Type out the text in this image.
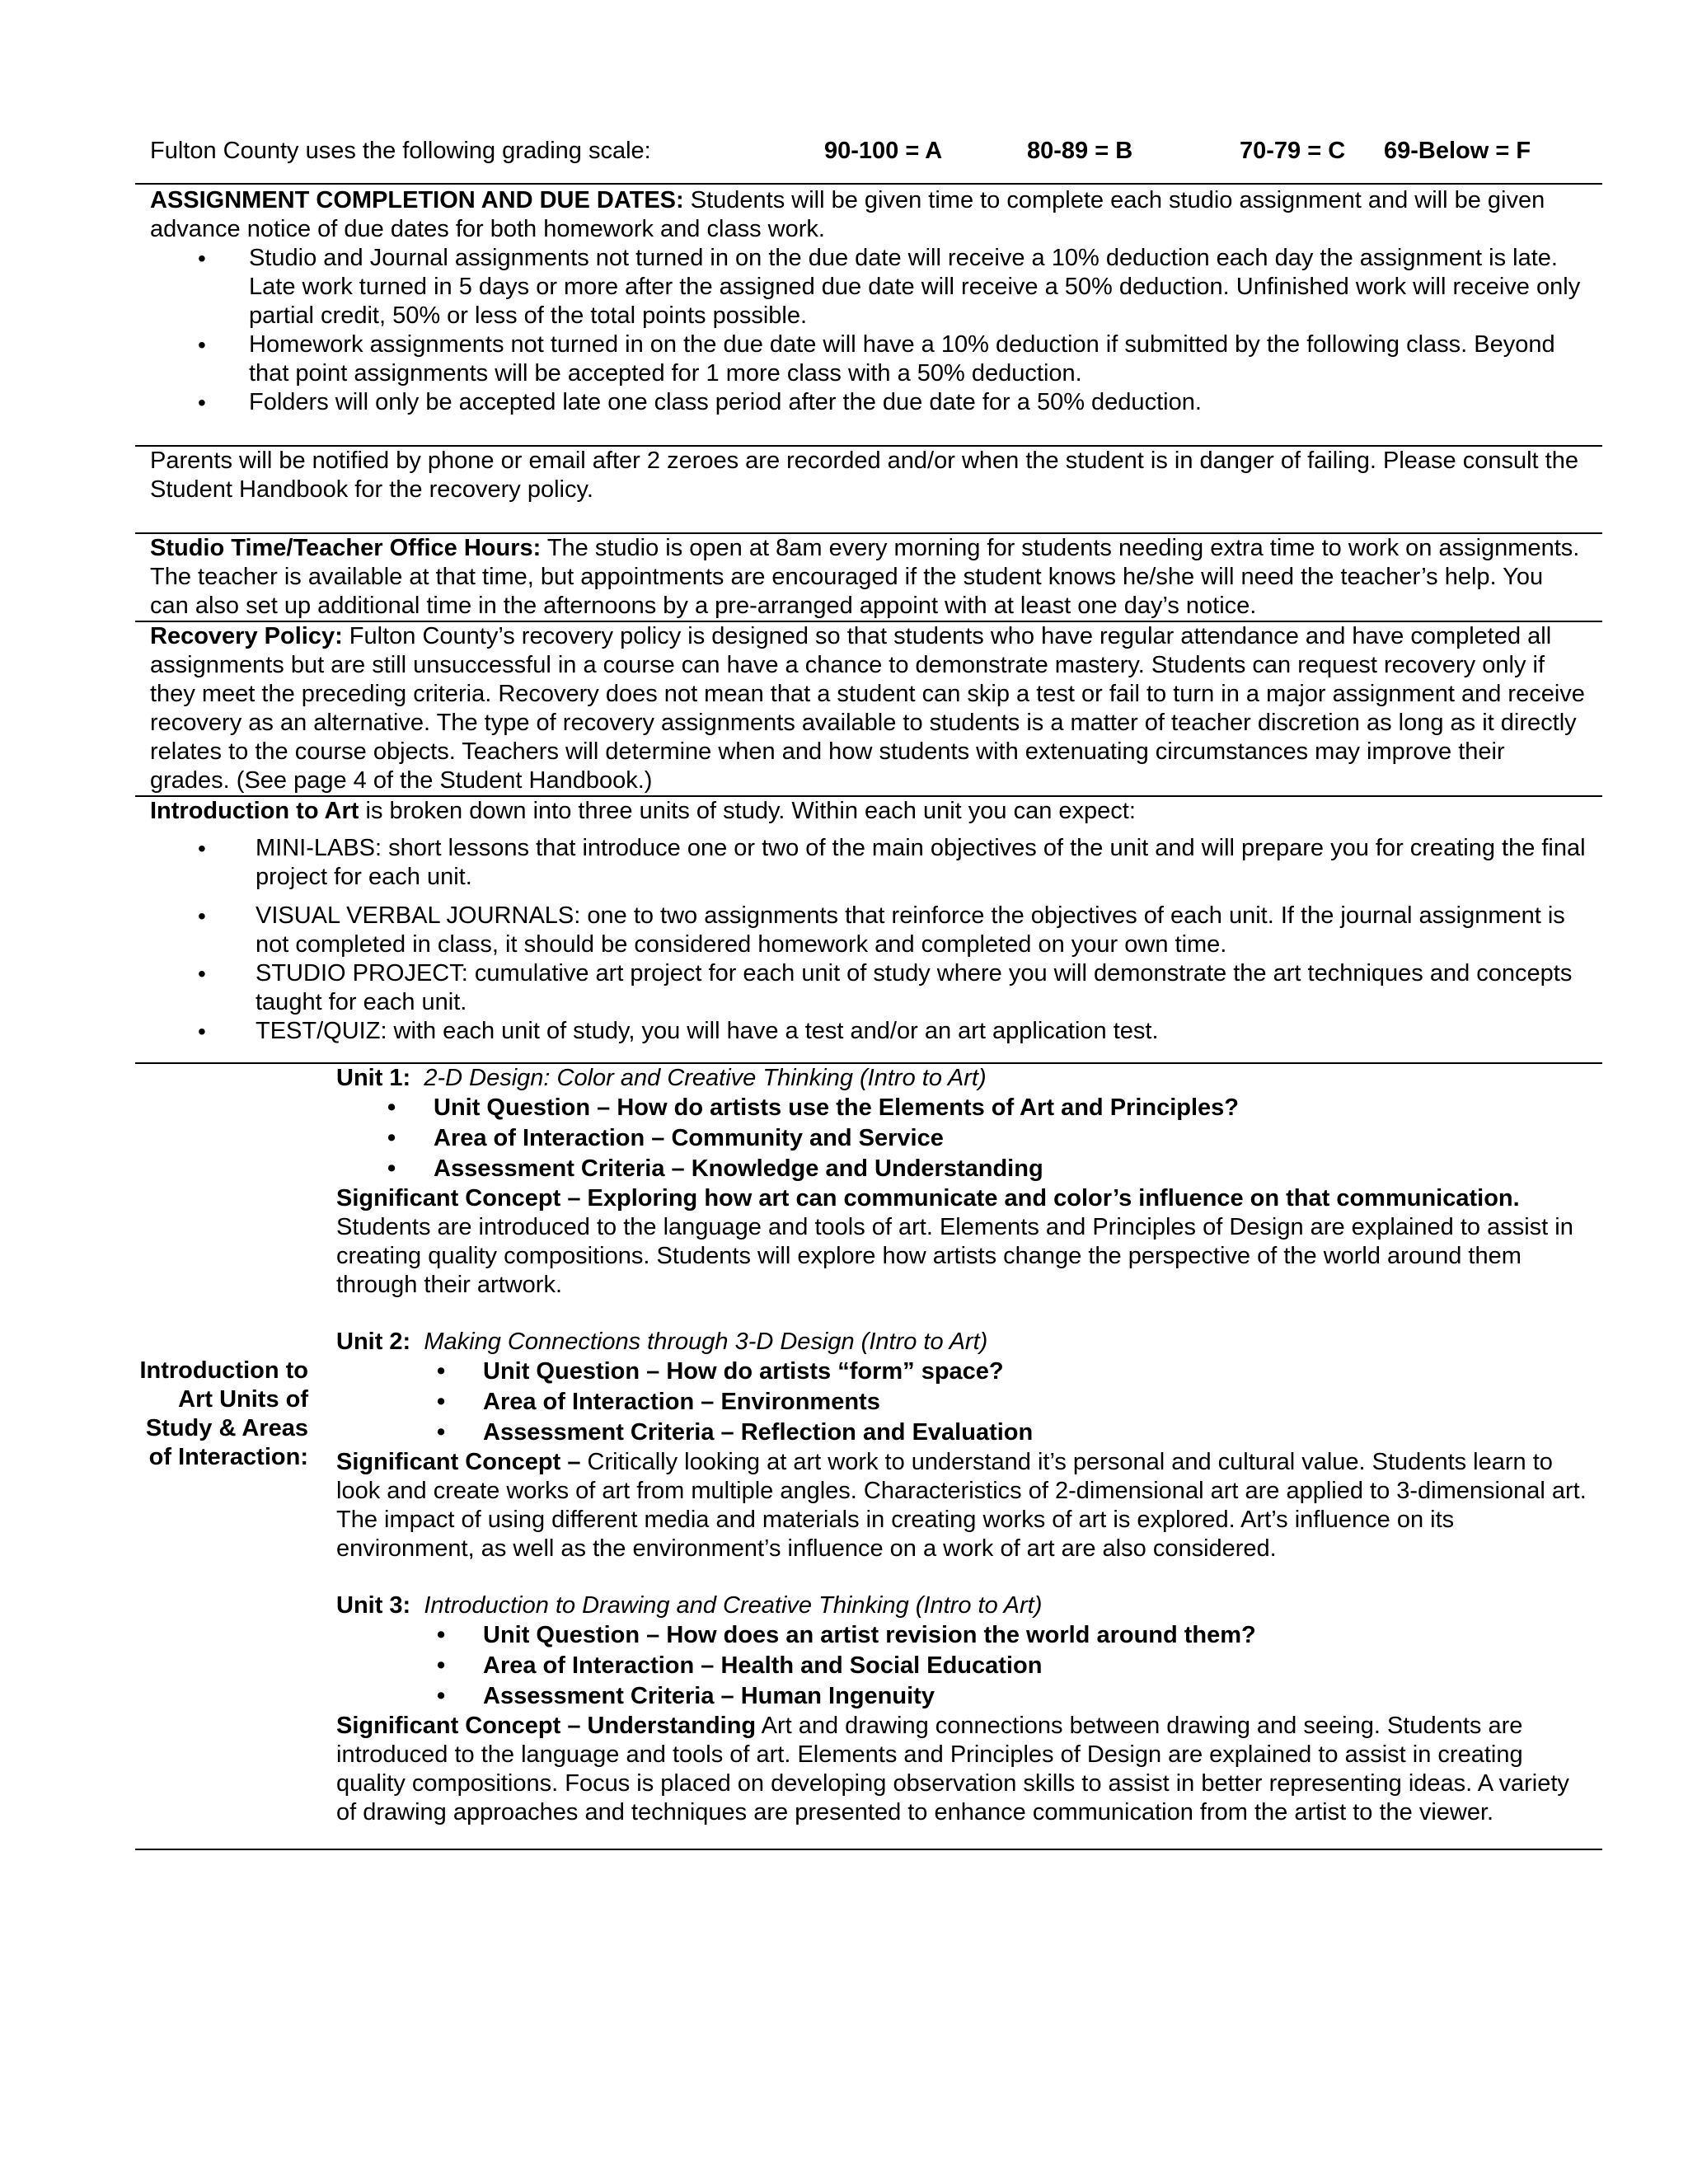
Fulton County uses the following grading scale:	90-100 = A	80-89 = B	70-79 = C 69-Below = F

ASSIGNMENT COMPLETION AND DUE DATES: Students will be given time to complete each studio assignment and will be given advance notice of due dates for both homework and class work.

• Studio and Journal assignments not turned in on the due date will receive a 10% deduction each day the assignment is late. Late work turned in 5 days or more after the assigned due date will receive a 50% deduction. Unfinished work will receive only partial credit, 50% or less of the total points possible.
• Homework assignments not turned in on the due date will have a 10% deduction if submitted by the following class. Beyond that point assignments will be accepted for 1 more class with a 50% deduction.
• Folders will only be accepted late one class period after the due date for a 50% deduction.

Parents will be notified by phone or email after 2 zeroes are recorded and/or when the student is in danger of failing. Please consult the Student Handbook for the recovery policy.

Studio Time/Teacher Office Hours: The studio is open at 8am every morning for students needing extra time to work on assignments. The teacher is available at that time, but appointments are encouraged if the student knows he/she will need the teacher’s help. You can also set up additional time in the afternoons by a pre-arranged appoint with at least one day’s notice.

Recovery Policy: Fulton County’s recovery policy is designed so that students who have regular attendance and have completed all assignments but are still unsuccessful in a course can have a chance to demonstrate mastery. Students can request recovery only if they meet the preceding criteria. Recovery does not mean that a student can skip a test or fail to turn in a major assignment and receive recovery as an alternative. The type of recovery assignments available to students is a matter of teacher discretion as long as it directly relates to the course objects. Teachers will determine when and how students with extenuating circumstances may improve their grades. (See page 4 of the Student Handbook.)

Introduction to Art is broken down into three units of study. Within each unit you can expect:

• MINI-LABS: short lessons that introduce one or two of the main objectives of the unit and will prepare you for creating the final project for each unit.
• VISUAL VERBAL JOURNALS: one to two assignments that reinforce the objectives of each unit. If the journal assignment is not completed in class, it should be considered homework and completed on your own time.
• STUDIO PROJECT: cumulative art project for each unit of study where you will demonstrate the art techniques and concepts taught for each unit.
• TEST/QUIZ: with each unit of study, you will have a test and/or an art application test.
Introduction to Art Units of Study & Areas of Interaction:

Unit 1: 2-D Design: Color and Creative Thinking (Intro to Art)

• Unit Question – How do artists use the Elements of Art and Principles?
• Area of Interaction – Community and Service
• Assessment Criteria – Knowledge and Understanding

Significant Concept – Exploring how art can communicate and color’s influence on that communication. Students are introduced to the language and tools of art. Elements and Principles of Design are explained to assist in creating quality compositions. Students will explore how artists change the perspective of the world around them through their artwork.

Unit 2: Making Connections through 3-D Design (Intro to Art)

• Unit Question – How do artists “form” space?
• Area of Interaction – Environments
• Assessment Criteria – Reflection and Evaluation

Significant Concept – Critically looking at art work to understand it’s personal and cultural value. Students learn to look and create works of art from multiple angles. Characteristics of 2-dimensional art are applied to 3-dimensional art. The impact of using different media and materials in creating works of art is explored. Art’s influence on its environment, as well as the environment’s influence on a work of art are also considered.

Unit 3: Introduction to Drawing and Creative Thinking (Intro to Art)

• Unit Question – How does an artist revision the world around them?
• Area of Interaction – Health and Social Education
• Assessment Criteria – Human Ingenuity

Significant Concept – Understanding Art and drawing connections between drawing and seeing. Students are introduced to the language and tools of art. Elements and Principles of Design are explained to assist in creating quality compositions. Focus is placed on developing observation skills to assist in better representing ideas. A variety of drawing approaches and techniques are presented to enhance communication from the artist to the viewer.
